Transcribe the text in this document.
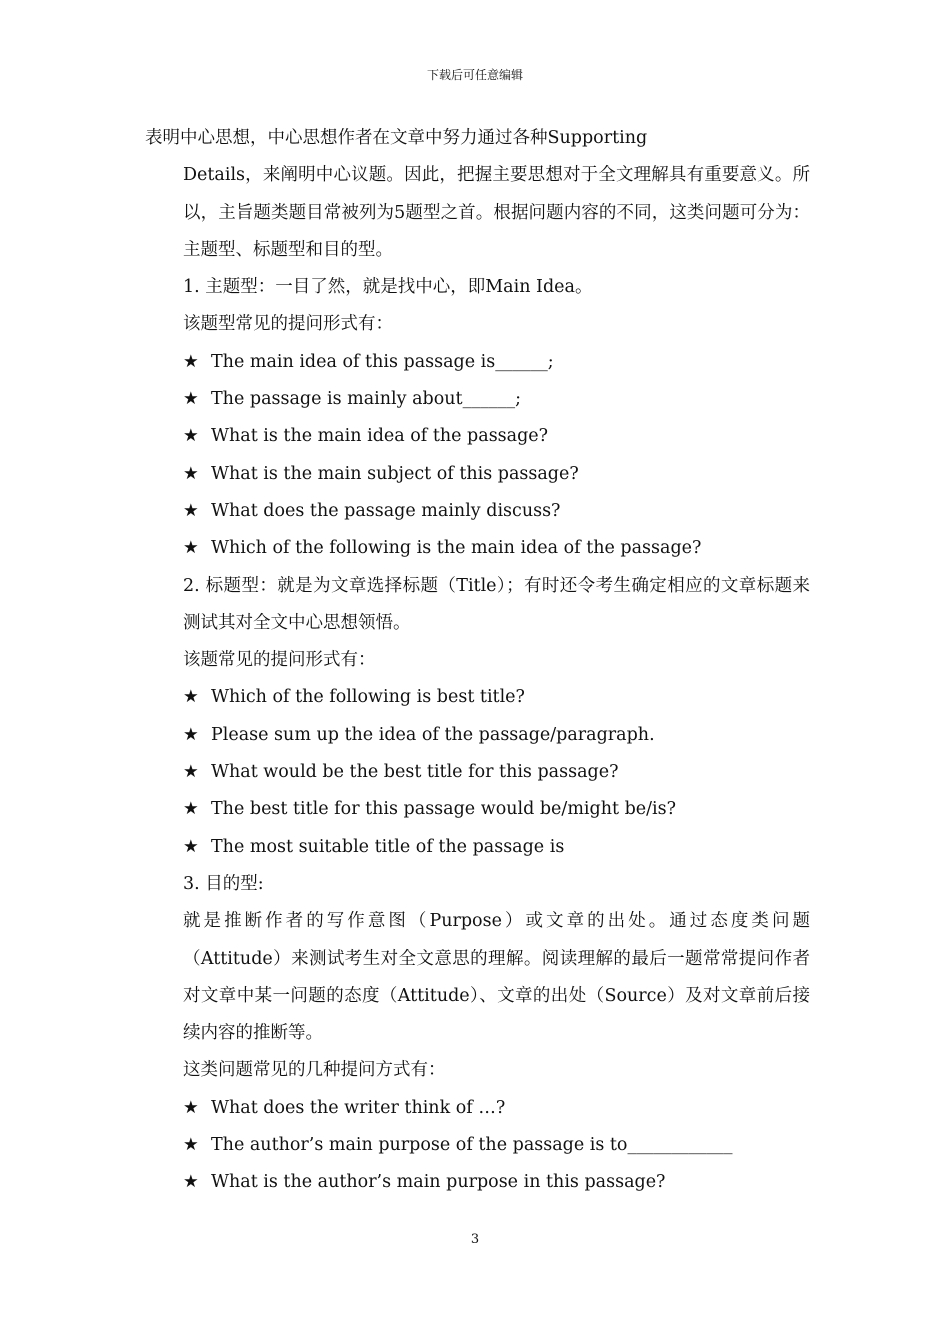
下载后可任意编辑
表明中心思想，中心思想作者在文章中努力通过各种Supporting
Details，来阐明中心议题。因此，把握主要思想对于全文理解具有重要意义。所以，主旨题类题目常被列为5题型之首。根据问题内容的不同，这类问题可分为：主题型、标题型和目的型。
1. 主题型：一目了然，就是找中心，即Main Idea。
该题型常见的提问形式有：
★ The main idea of this passage is______;
★ The passage is mainly about______;
★ What is the main idea of the passage?
★ What is the main subject of this passage?
★ What does the passage mainly discuss?
★ Which of the following is the main idea of the passage?
2. 标题型：就是为文章选择标题（Title）；有时还令考生确定相应的文章标题来测试其对全文中心思想领悟。
该题常见的提问形式有：
★ Which of the following is best title?
★ Please sum up the idea of the passage/paragraph.
★ What would be the best title for this passage?
★ The best title for this passage would be/might be/is?
★ The most suitable title of the passage is
3. 目的型:
就是推断作者的写作意图（Purpose）或文章的出处。通过态度类问题（Attitude）来测试考生对全文意思的理解。阅读理解的最后一题常常提问作者对文章中某一问题的态度（Attitude）、文章的出处（Source）及对文章前后接续内容的推断等。
这类问题常见的几种提问方式有：
★ What does the writer think of …?
★ The author’s main purpose of the passage is to____________
★ What is the author’s main purpose in this passage?
3
